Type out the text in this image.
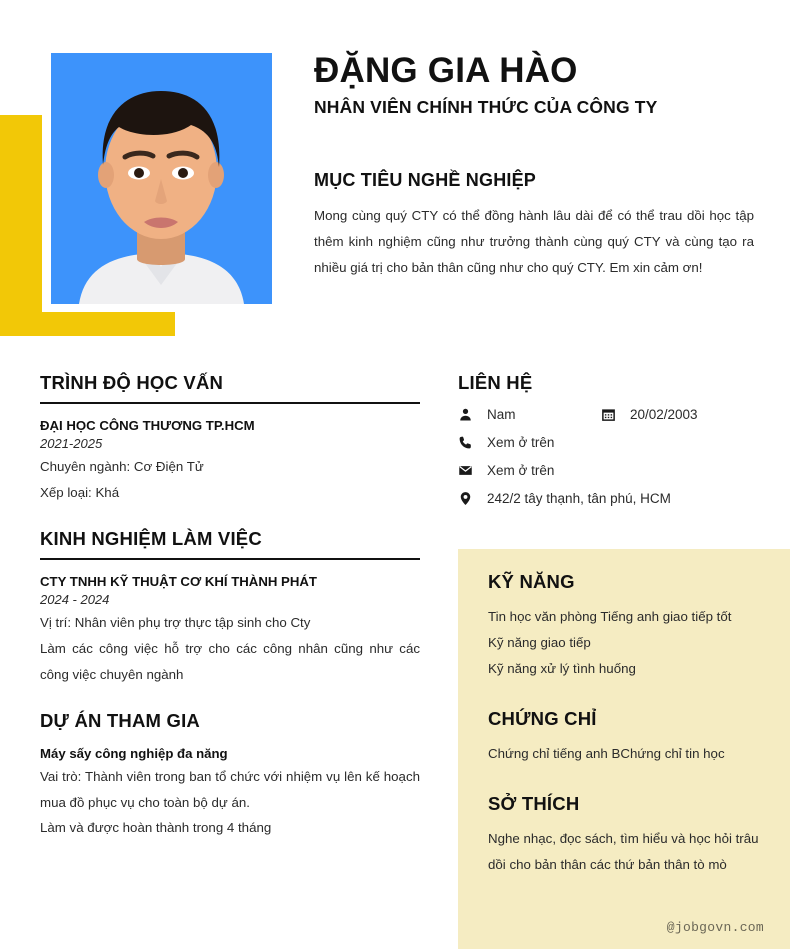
ĐẶNG GIA HÀO
NHÂN VIÊN CHÍNH THỨC CỦA CÔNG TY
MỤC TIÊU NGHỀ NGHIỆP

Mong cùng quý CTY có thể đồng hành lâu dài để có thể trau dồi học tập thêm kinh nghiệm cũng như trưởng thành cùng quý CTY và cùng tạo ra nhiều giá trị cho bản thân cũng như cho quý CTY. Em xin cảm ơn!

TRÌNH ĐỘ HỌC VẤN
ĐẠI HỌC CÔNG THƯƠNG TP.HCM
2021-2025
Chuyên ngành: Cơ Điện Tử
Xếp loại: Khá
KINH NGHIỆM LÀM VIỆC
CTY TNHH KỸ THUẬT CƠ KHÍ THÀNH PHÁT
2024 - 2024
Vị trí: Nhân viên phụ trợ thực tập sinh cho Cty
Làm các công việc hỗ trợ cho các công nhân cũng như các công việc chuyên ngành
DỰ ÁN THAM GIA
Máy sấy công nghiệp đa năng
Vai trò: Thành viên trong ban tổ chức với nhiệm vụ lên kế hoạch mua đồ phục vụ cho toàn bộ dự án.
Làm và được hoàn thành trong 4 tháng
LIÊN HỆ
Nam	20/02/2003
Xem ở trên
Xem ở trên
242/2 tây thạnh, tân phú, HCM
KỸ NĂNG
Tin học văn phòng Tiếng anh giao tiếp tốt
Kỹ năng giao tiếp
Kỹ năng xử lý tình huống
CHỨNG CHỈ
Chứng chỉ tiếng anh BChứng chỉ tin học
SỞ THÍCH
Nghe nhạc, đọc sách, tìm hiểu và học hỏi trâu dồi cho bản thân các thứ bản thân tò mò
@jobgovn.com
